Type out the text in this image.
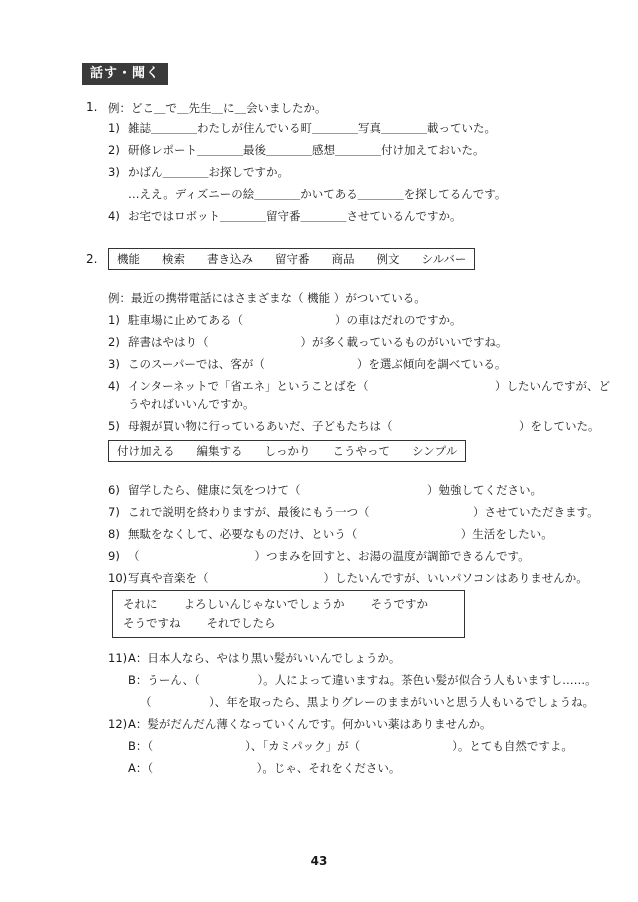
話す・聞く
1. 例：どこ＿で＿先生＿に＿会いましたか。
1) 雑誌＿＿＿＿わたしが住んでいる町＿＿＿＿写真＿＿＿＿載っていた。
2) 研修レポート＿＿＿＿最後＿＿＿＿感想＿＿＿＿付け加えておいた。
3) かばん＿＿＿＿お探しですか。
…ええ。ディズニーの絵＿＿＿＿かいてある＿＿＿＿を探してるんです。
4) お宅ではロボット＿＿＿＿留守番＿＿＿＿させているんですか。
2.	機能 検索 書き込み 留守番 商品 例文 シルバー
例：最近の携帯電話にはさまざまな（ 機能 ）がついている。
1) 駐車場に止めてある（　　　　　　　　）の車はだれのですか。
2) 辞書はやはり（　　　　　　　　）が多く載っているものがいいですね。
3) このスーパーでは、客が（　　　　　　　　）を選ぶ傾向を調べている。
4) インターネットで「省エネ」ということばを（　　　　　　　　　　　）したいんですが、ど
うやればいいんですか。
5) 母親が買い物に行っているあいだ、子どもたちは（　　　　　　　　　　　）をしていた。
付け加える 編集する しっかり こうやって シンプル
6) 留学したら、健康に気をつけて（　　　　　　　　　　　）勉強してください。
7) これで説明を終わりますが、最後にもう一つ（　　　　　　　　　）させていただきます。
8) 無駄をなくして、必要なものだけ、という（　　　　　　　　　）生活をしたい。
9) （　　　　　　　　　　）つまみを回すと、お湯の温度が調節できるんです。
10)写真や音楽を（　　　　　　　　　　）したいんですが、いいパソコンはありませんか。
それに よろしいんじゃないでしょうか そうですか
そうですね それでしたら
11)A：日本人なら、やはり黒い髪がいいんでしょうか。
B：うーん、（　　　　　）。人によって違いますね。茶色い髪が似合う人もいますし……。
（　　　　　）、年を取ったら、黒よりグレーのままがいいと思う人もいるでしょうね。
12)A：髪がだんだん薄くなっていくんです。何かいい薬はありませんか。
B：（　　　　　　　　）、「カミパック」が（　　　　　　　　）。とても自然ですよ。
A：（　　　　　　　　　）。じゃ、それをください。
43
